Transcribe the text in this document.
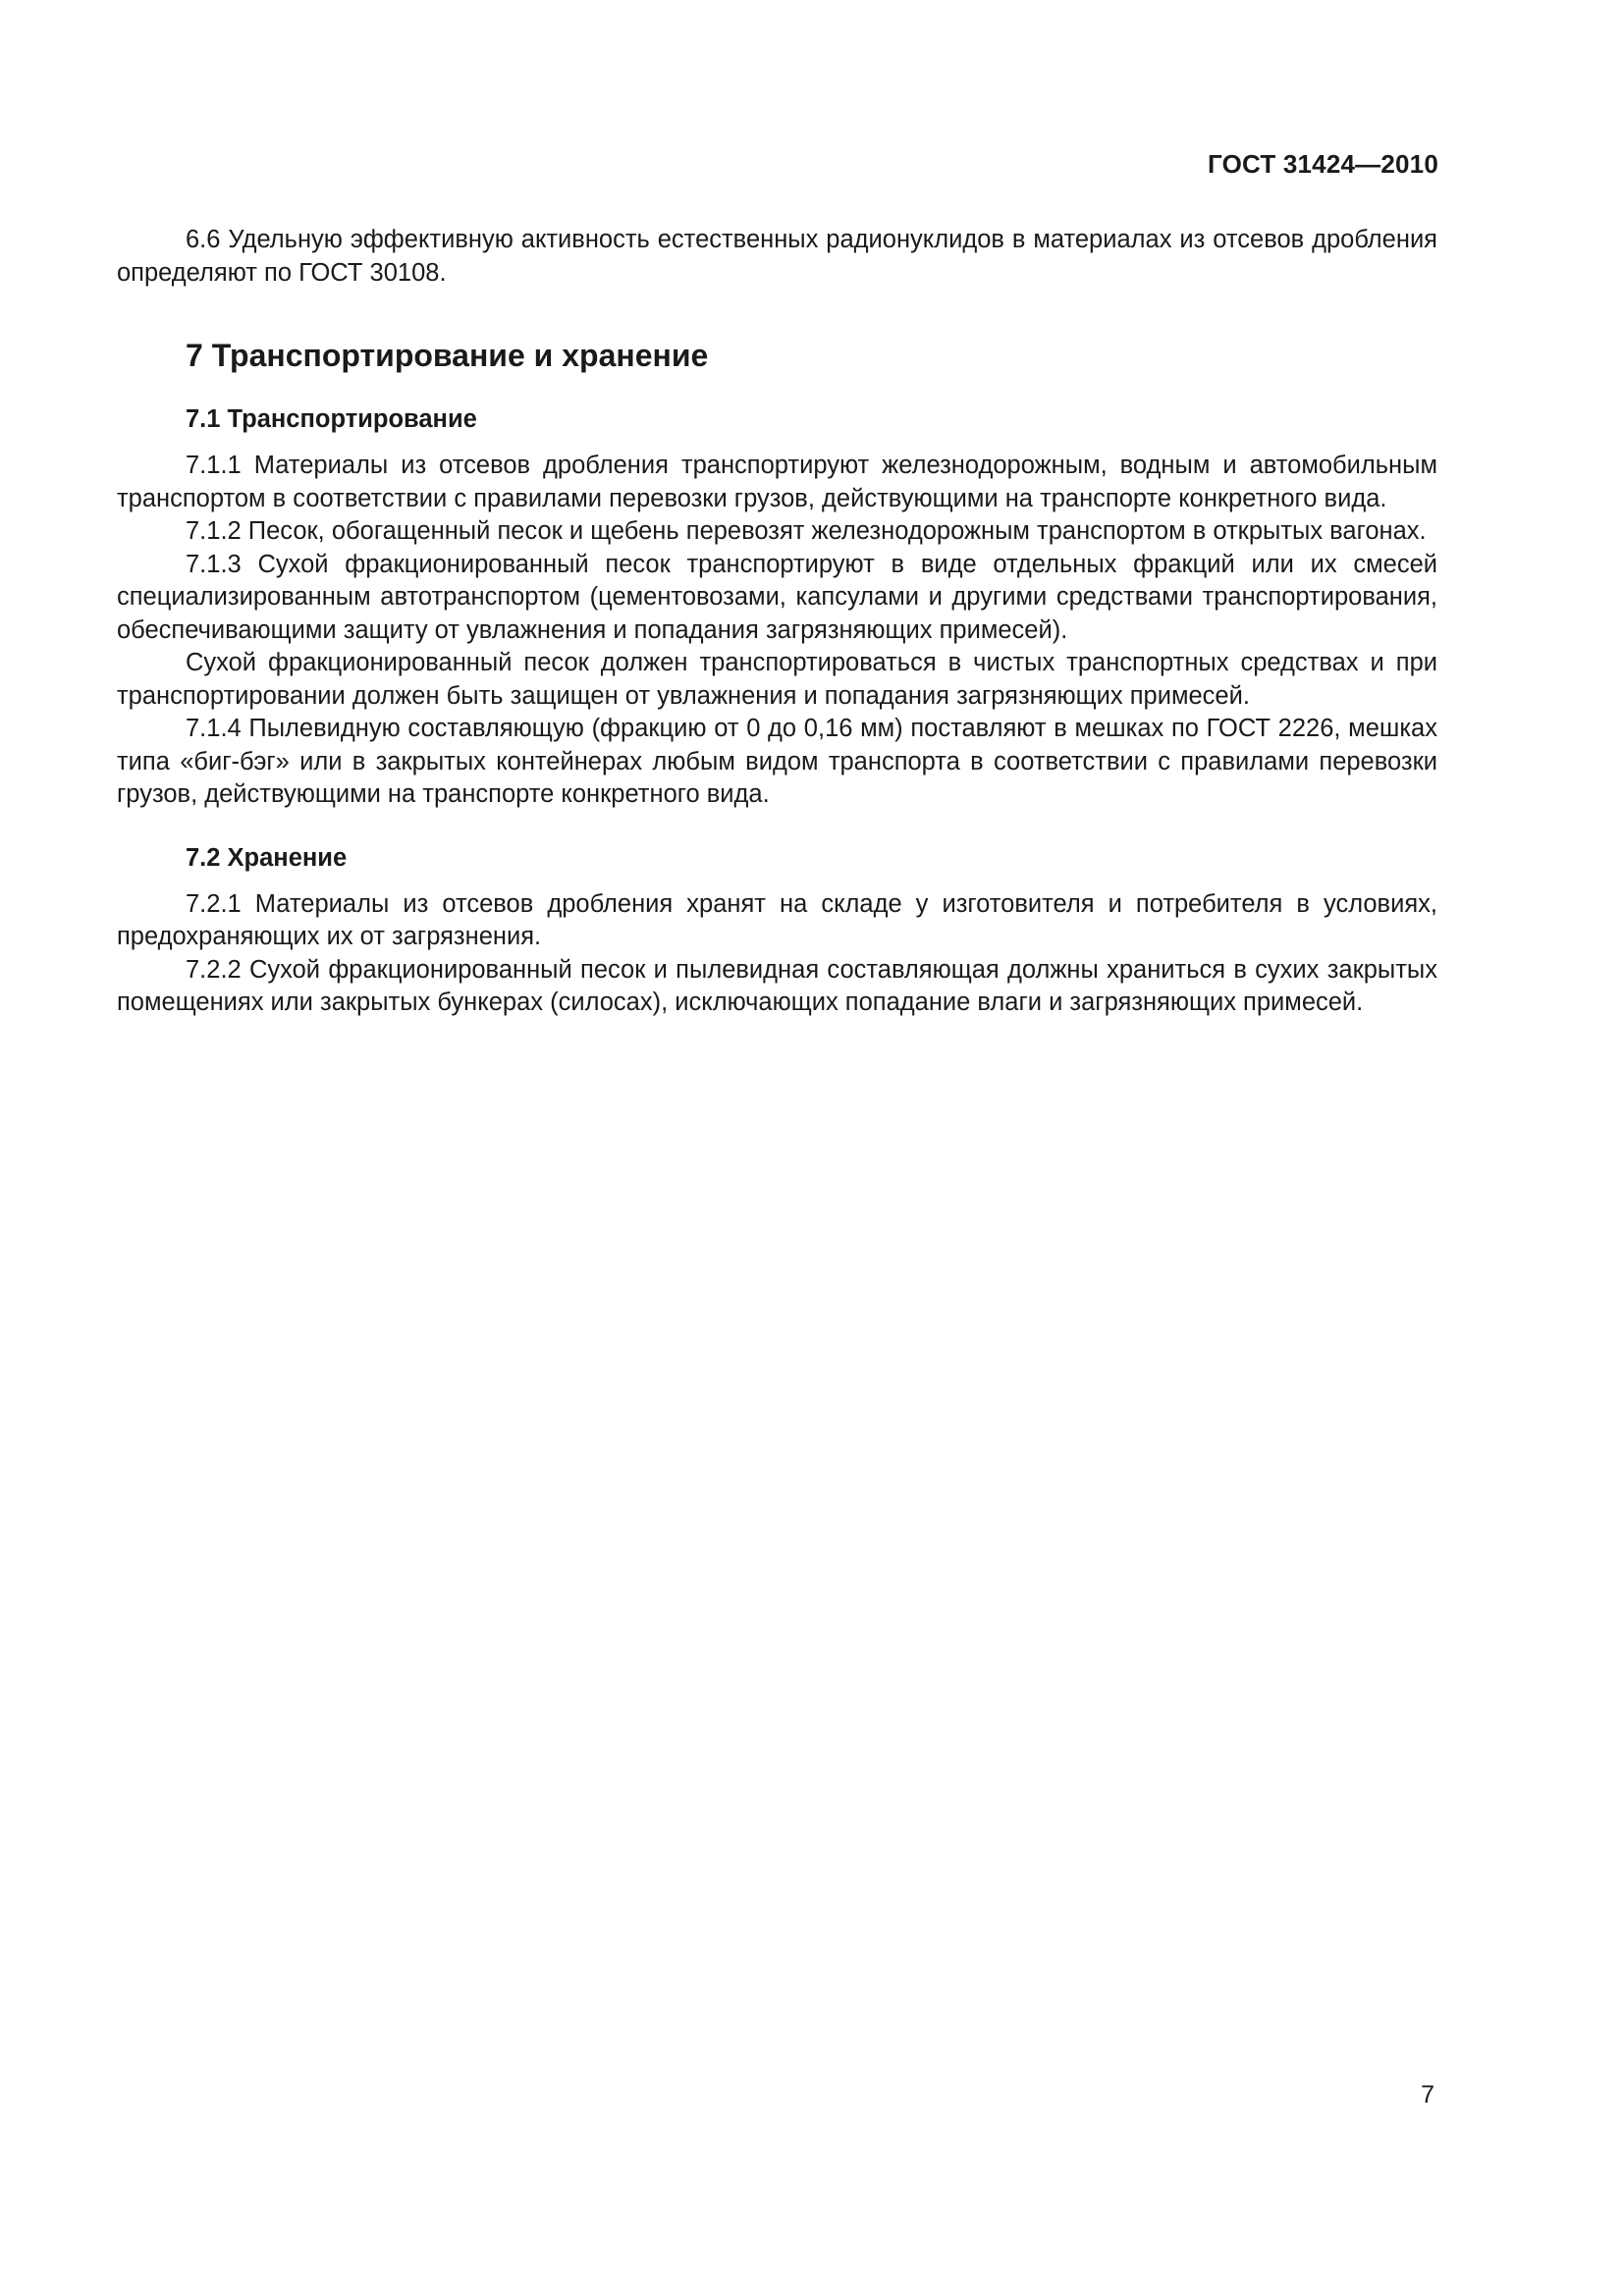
ГОСТ 31424—2010

6.6 Удельную эффективную активность естественных радионуклидов в материалах из отсевов дробления определяют по ГОСТ 30108.

7 Транспортирование и хранение
7.1 Транспортирование

7.1.1 Материалы из отсевов дробления транспортируют железнодорожным, водным и автомобильным транспортом в соответствии с правилами перевозки грузов, действующими на транспорте конкретного вида.

7.1.2 Песок, обогащенный песок и щебень перевозят железнодорожным транспортом в открытых вагонах.

7.1.3 Сухой фракционированный песок транспортируют в виде отдельных фракций или их смесей специализированным автотранспортом (цементовозами, капсулами и другими средствами транспортирования, обеспечивающими защиту от увлажнения и попадания загрязняющих примесей).

Сухой фракционированный песок должен транспортироваться в чистых транспортных средствах и при транспортировании должен быть защищен от увлажнения и попадания загрязняющих примесей.

7.1.4 Пылевидную составляющую (фракцию от 0 до 0,16 мм) поставляют в мешках по ГОСТ 2226, мешках типа «биг-бэг» или в закрытых контейнерах любым видом транспорта в соответствии с правилами перевозки грузов, действующими на транспорте конкретного вида.

7.2 Хранение

7.2.1 Материалы из отсевов дробления хранят на складе у изготовителя и потребителя в условиях, предохраняющих их от загрязнения.

7.2.2 Сухой фракционированный песок и пылевидная составляющая должны храниться в сухих закрытых помещениях или закрытых бункерах (силосах), исключающих попадание влаги и загрязняющих примесей.

7
